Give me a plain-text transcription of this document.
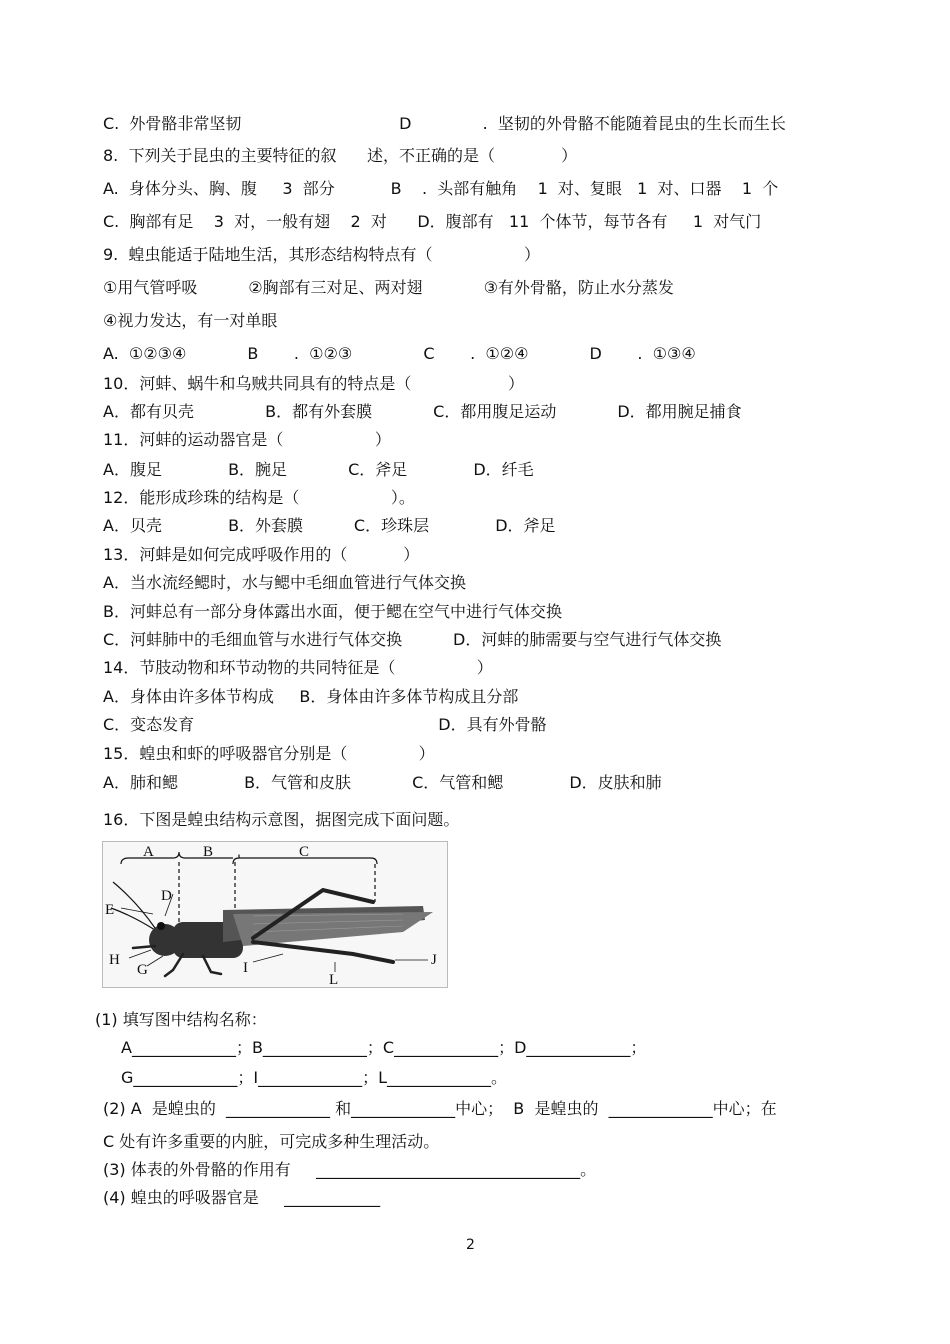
C.  外骨骼非常坚韧                               D              .  坚韧的外骨骼不能随着昆虫的生长而生长
8.  下列关于昆虫的主要特征的叙      述，不正确的是（             ）
A.  身体分头、胸、腹     3  部分           B    .  头部有触角    1  对、复眼   1  对、口器    1  个
C.  胸部有足    3  对，一般有翅    2  对      D．腹部有   11  个体节，每节各有     1  对气门
9.  蝗虫能适于陆地生活，其形态结构特点有（                  ）
①用气管呼吸          ②胸部有三对足、两对翅            ③有外骨骼，防止水分蒸发
④视力发达，有一对单眼
A.  ①②③④            B       .  ①②③              C       .  ①②④            D       .  ①③④
10．河蚌、蜗牛和乌贼共同具有的特点是（                   ）
A．都有贝壳              B．都有外套膜            C．都用腹足运动            D．都用腕足捕食
11．河蚌的运动器官是（                  ）
A．腹足             B．腕足            C．斧足             D．纤毛
12．能形成珍珠的结构是（                  ）。
A．贝壳             B．外套膜          C．珍珠层             D．斧足
13．河蚌是如何完成呼吸作用的（           ）
A．当水流经鳃时，水与鳃中毛细血管进行气体交换
B．河蚌总有一部分身体露出水面，便于鳃在空气中进行气体交换
C．河蚌肺中的毛细血管与水进行气体交换          D．河蚌的肺需要与空气进行气体交换
14．节肢动物和环节动物的共同特征是（                ）
A．身体由许多体节构成     B．身体由许多体节构成且分部
C．变态发育                                                D．具有外骨骼
15．蝗虫和虾的呼吸器官分别是（              ）
A．肺和鳃             B．气管和皮肤            C．气管和鳃             D．皮肤和肺
16．下图是蝗虫结构示意图，据图完成下面问题。
A	B	C
D
E
H
G	I
L
J
(1) 填写图中结构名称：
A_____________；B_____________；C_____________；D_____________；
G_____________；I_____________；L_____________。
(2) A  是蝗虫的  _____________ 和_____________中心；  B  是蝗虫的  _____________中心；在
C 处有许多重要的内脏，可完成多种生理活动。
(3) 体表的外骨骼的作用有     _________________________________。
(4) 蝗虫的呼吸器官是     ____________
2
